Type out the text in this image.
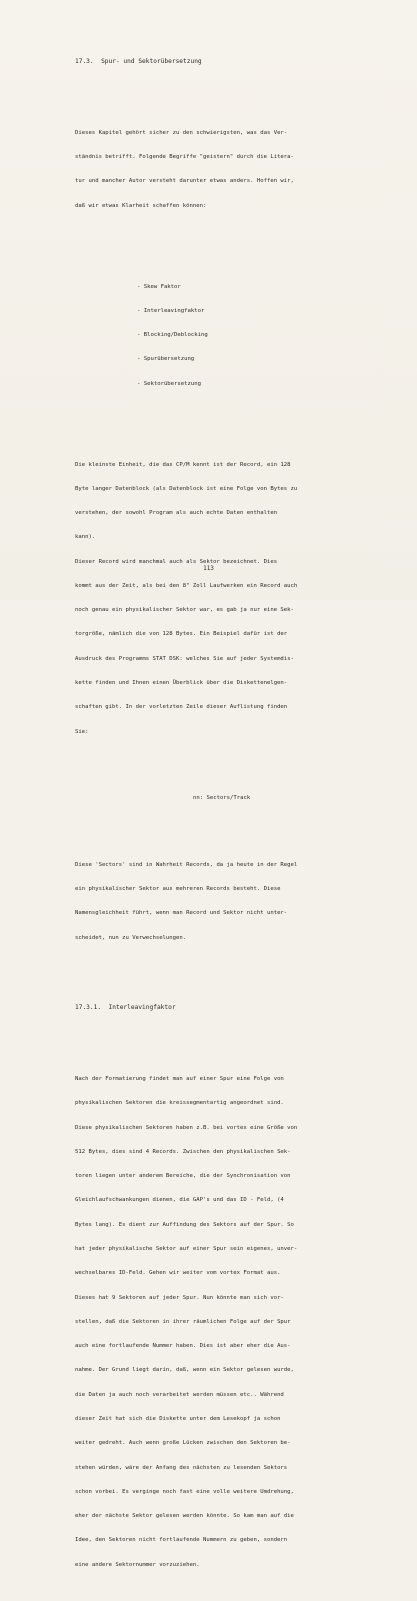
17.3.  Spur- und Sektorübersetzung

Dieses Kapitel gehört sicher zu den schwierigsten, was das Ver-

ständnis betrifft. Folgende Begriffe "geistern" durch die Litera-

tur und mancher Autor versteht darunter etwas anders. Hoffen wir,

daß wir etwas Klarheit schaffen können:

- Skew Faktor

- Interleavingfaktor

- Blocking/Deblocking

- Spurübersetzung

- Sektorübersetzung

Die kleinste Einheit, die das CP/M kennt ist der Record, ein 128

Byte langer Datenblock (als Datenblock ist eine Folge von Bytes zu

verstehen, der sowohl Program als auch echte Daten enthalten

kann).

Dieser Record wird manchmal auch als Sektor bezeichnet. Dies

kommt aus der Zeit, als bei den 8" Zoll Laufwerken ein Record auch

noch genau ein physikalischer Sektor war, es gab ja nur eine Sek-

torgröße, nämlich die von 128 Bytes. Ein Beispiel dafür ist der

Ausdruck des Programms STAT DSK: welches Sie auf jeder Systemdis-

kette finden und Ihnen einen Überblick über die Diskettenelgen-

schaften gibt. In der vorletzten Zeile dieser Auflistung finden

Sie:

nn: Sectors/Track

Diese 'Sectors' sind in Wahrheit Records, da ja heute in der Regel

ein physikalischer Sektor aus mehreren Records besteht. Diese

Namensgleichheit führt, wenn man Record und Sektor nicht unter-

scheidet, nun zu Verwechselungen.

17.3.1.  Interleavingfaktor

Nach der Formatierung findet man auf einer Spur eine Folge von

physikalischen Sektoren die kreissegmentartig angeordnet sind.

Diese physikalischen Sektoren haben z.B. bei vortex eine Größe von

512 Bytes, dies sind 4 Records. Zwischen den physikalischen Sek-

toren liegen unter anderem Bereiche, die der Synchronisation von

Gleichlaufschwankungen dienen, die GAP's und das ID - Feld, (4

Bytes lang). Es dient zur Auffindung des Sektors auf der Spur. So

hat jeder physikalische Sektor auf einer Spur sein eigenes, unver-

wechselbares ID-Feld. Gehen wir weiter vom vortex Format aus.

Dieses hat 9 Sektoren auf jeder Spur. Nun könnte man sich vor-

stellen, daß die Sektoren in ihrer räumlichen Folge auf der Spur

auch eine fortlaufende Nummer haben. Dies ist aber eher die Aus-

nahme. Der Grund liegt darin, daß, wenn ein Sektor gelesen wurde,

die Daten ja auch noch verarbeitet werden müssen etc.. Während

dieser Zeit hat sich die Diskette unter dem Lesekopf ja schon

weiter gedreht. Auch wenn große Lücken zwischen den Sektoren be-

stehen würden, wäre der Anfang des nächsten zu lesenden Sektors

schon vorbei. Es verginge noch fast eine volle weitere Umdrehung,

eher der nächste Sektor gelesen werden könnte. So kam man auf die

Idee, den Sektoren nicht fortlaufende Nummern zu geben, sondern

eine andere Sektornummer vorzuziehen.

113
